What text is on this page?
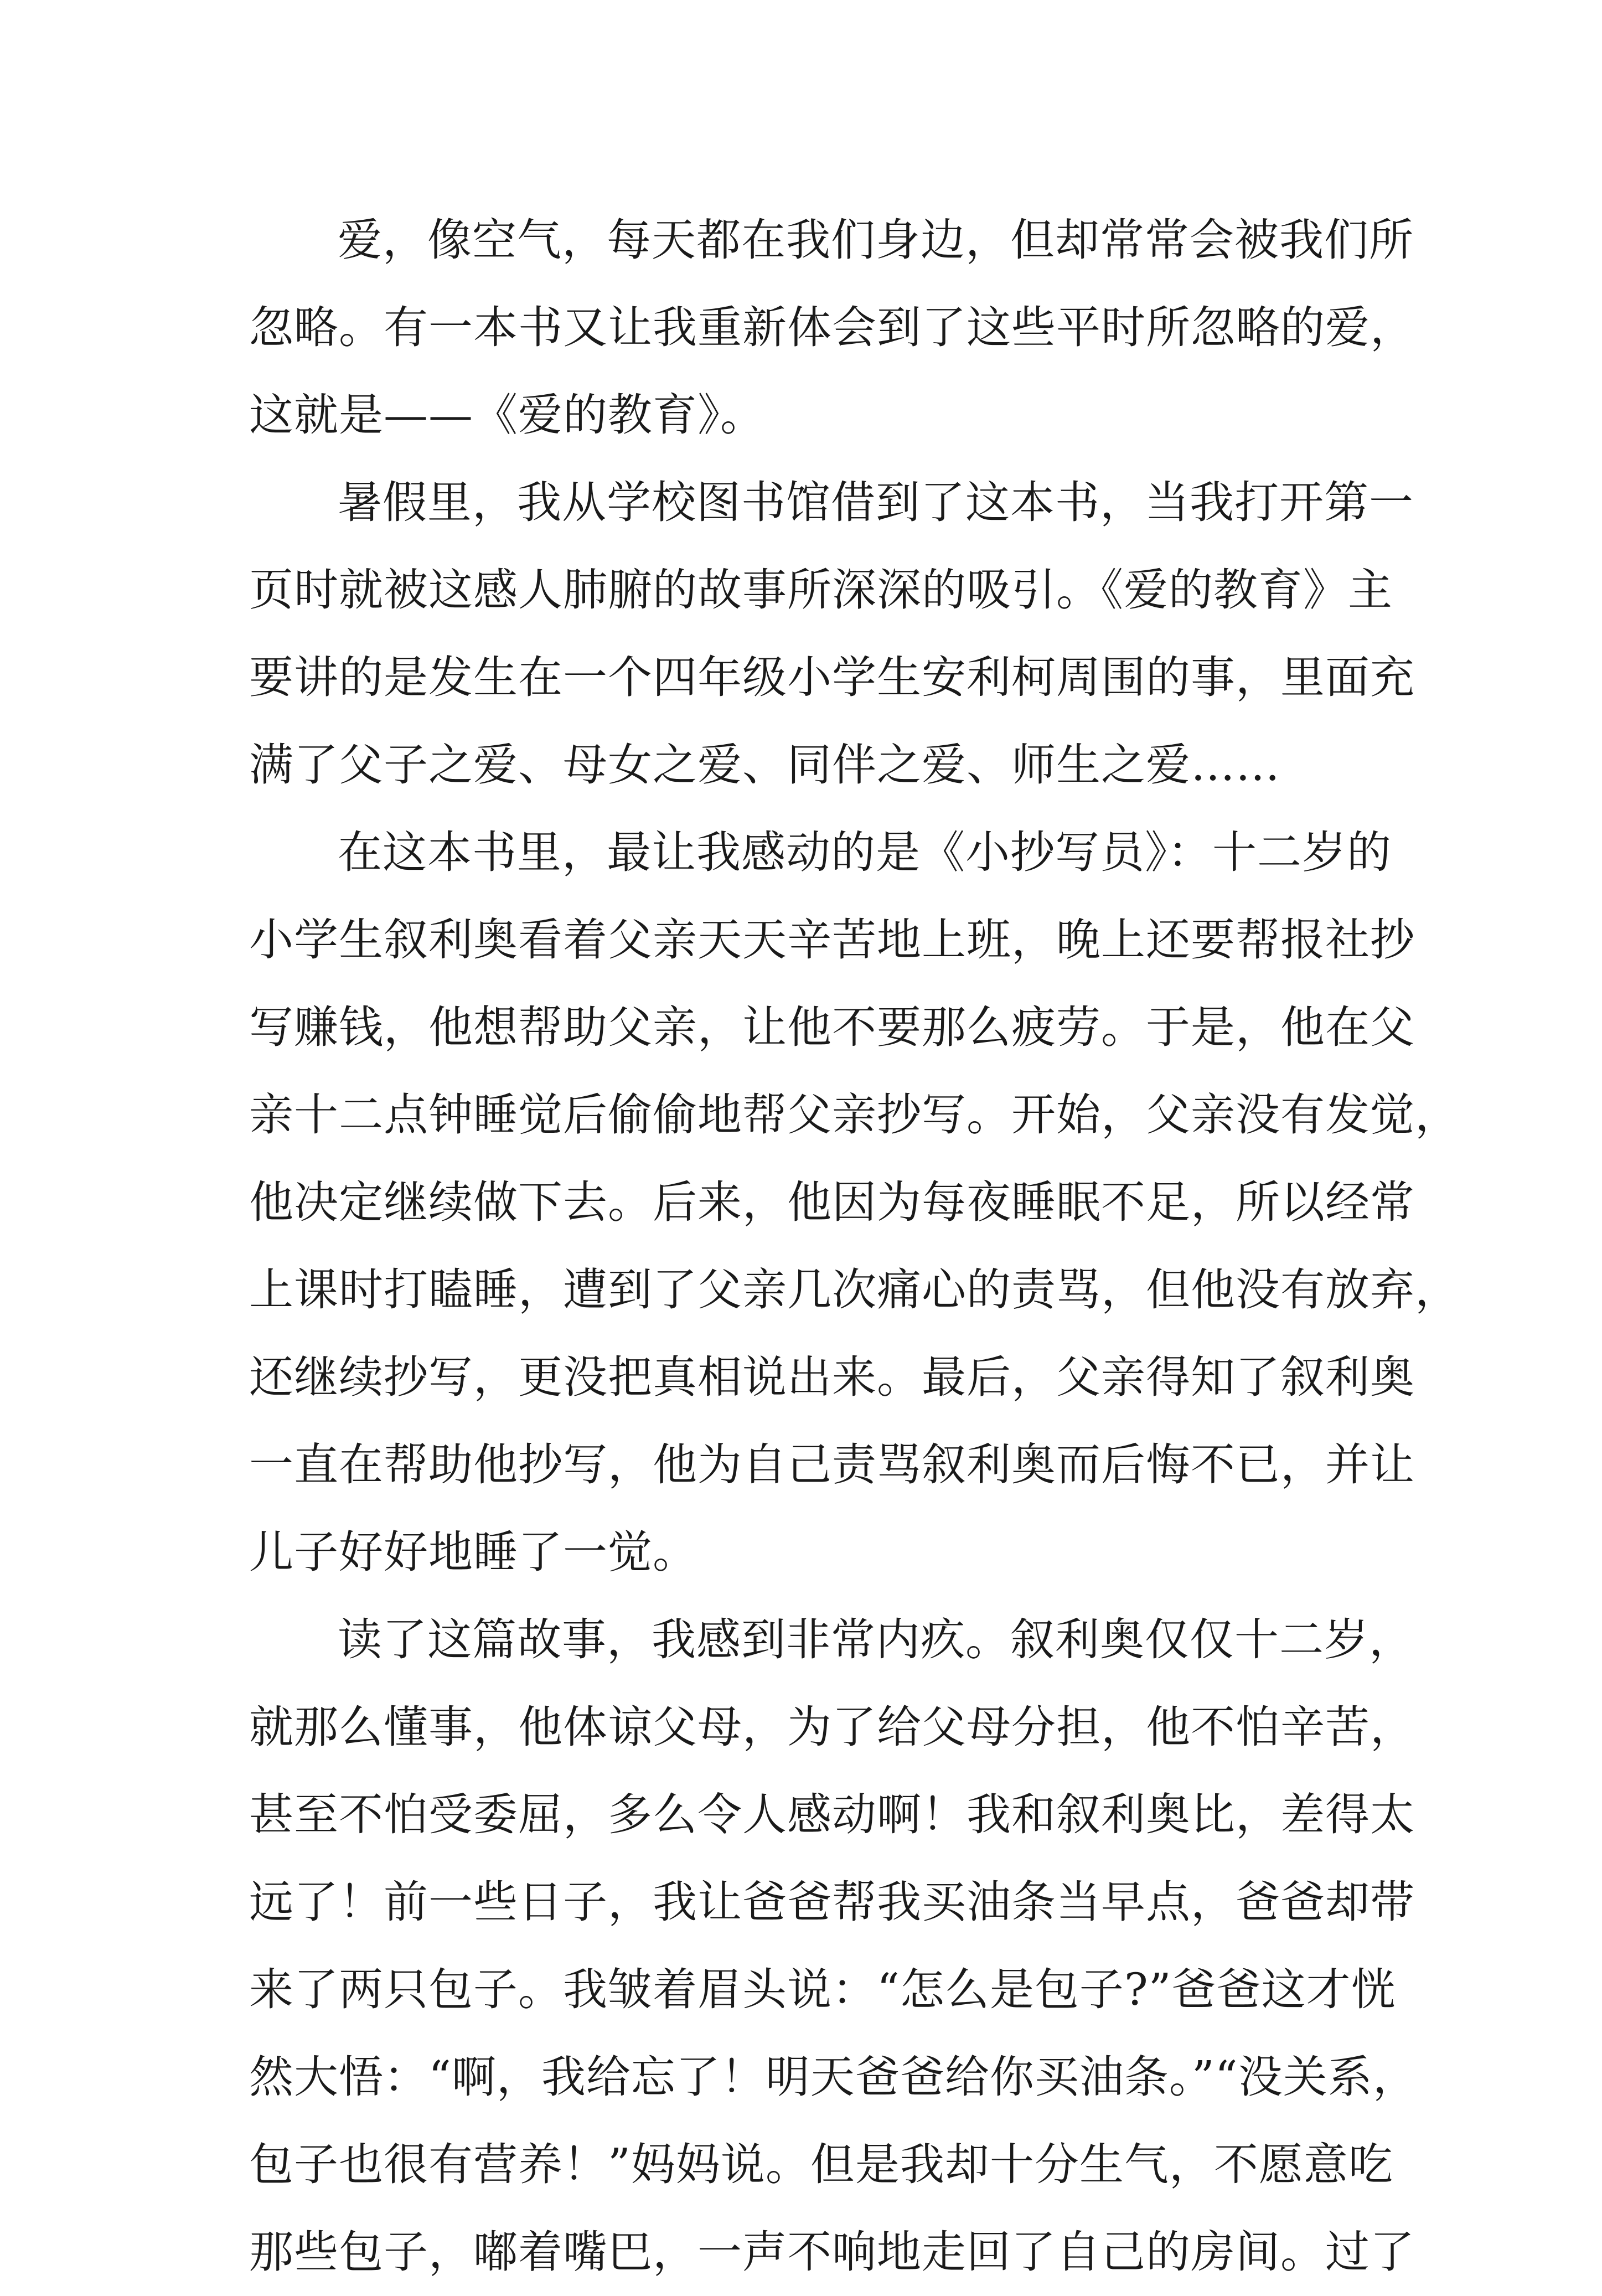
爱，像空气，每天都在我们身边，但却常常会被我们所
忽略。有一本书又让我重新体会到了这些平时所忽略的爱，
这就是——《爱的教育》。
暑假里，我从学校图书馆借到了这本书，当我打开第一
页时就被这感人肺腑的故事所深深的吸引。《爱的教育》主
要讲的是发生在一个四年级小学生安利柯周围的事，里面充
满了父子之爱、母女之爱、同伴之爱、师生之爱……
在这本书里，最让我感动的是《小抄写员》：十二岁的
小学生叙利奥看着父亲天天辛苦地上班，晚上还要帮报社抄
写赚钱，他想帮助父亲，让他不要那么疲劳。于是，他在父
亲十二点钟睡觉后偷偷地帮父亲抄写。开始，父亲没有发觉，
他决定继续做下去。后来，他因为每夜睡眠不足，所以经常
上课时打瞌睡，遭到了父亲几次痛心的责骂，但他没有放弃，
还继续抄写，更没把真相说出来。最后，父亲得知了叙利奥
一直在帮助他抄写，他为自己责骂叙利奥而后悔不已，并让
儿子好好地睡了一觉。
读了这篇故事，我感到非常内疚。叙利奥仅仅十二岁，
就那么懂事，他体谅父母，为了给父母分担，他不怕辛苦，
甚至不怕受委屈，多么令人感动啊！我和叙利奥比，差得太
远了！前一些日子，我让爸爸帮我买油条当早点，爸爸却带
来了两只包子。我皱着眉头说：“怎么是包子?”爸爸这才恍
然大悟：“啊，我给忘了！明天爸爸给你买油条。”“没关系，
包子也很有营养！”妈妈说。但是我却十分生气，不愿意吃
那些包子，嘟着嘴巴，一声不响地走回了自己的房间。过了
